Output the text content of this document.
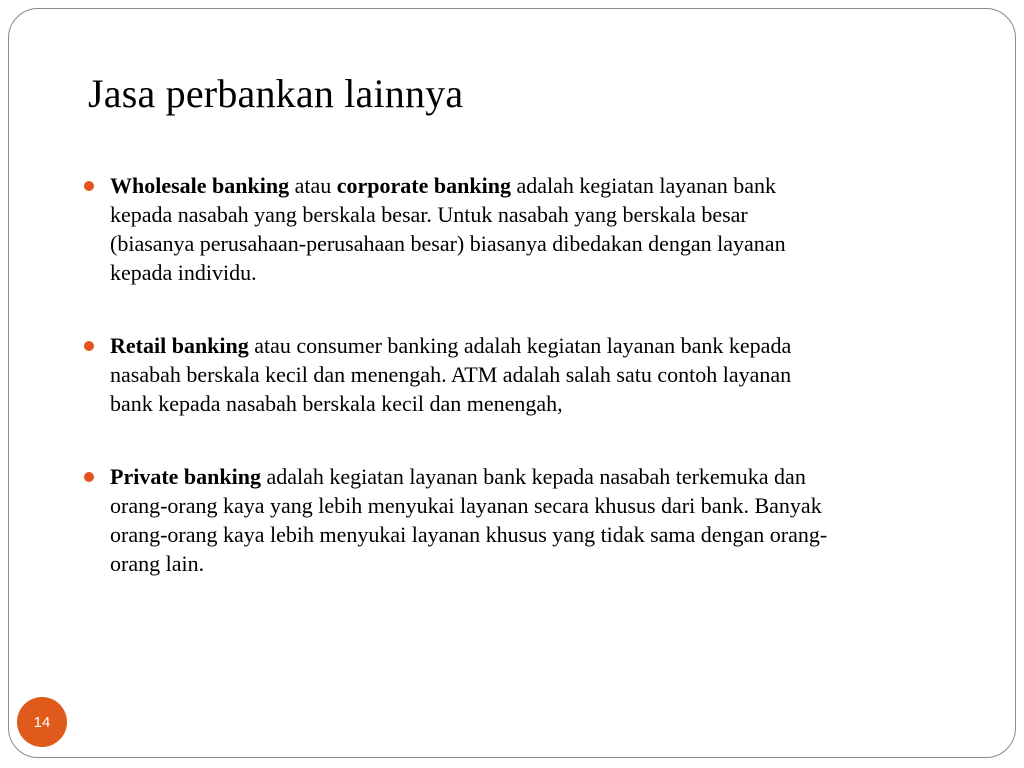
Jasa perbankan lainnya
Wholesale banking atau corporate banking adalah kegiatan layanan bank kepada nasabah yang berskala besar. Untuk nasabah yang berskala besar (biasanya perusahaan-perusahaan besar) biasanya dibedakan dengan layanan kepada individu.
Retail banking atau consumer banking adalah kegiatan layanan bank kepada nasabah berskala kecil dan menengah. ATM adalah salah satu contoh layanan bank kepada nasabah berskala kecil dan menengah,
Private banking adalah kegiatan layanan bank kepada nasabah terkemuka dan orang-orang kaya yang lebih menyukai layanan secara khusus dari bank. Banyak orang-orang kaya lebih menyukai layanan khusus yang tidak sama dengan orang-orang lain.
14
